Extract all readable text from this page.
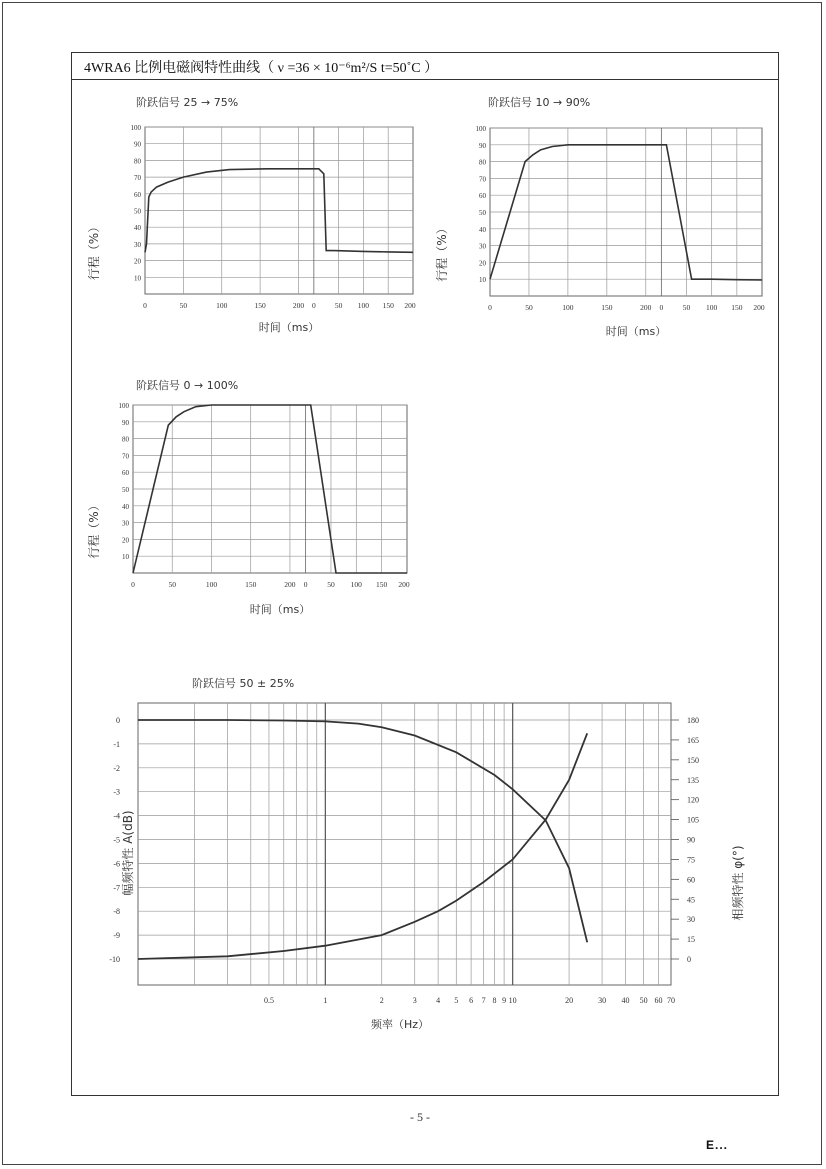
4WRA6 比例电磁阀特性曲线（ ν =36 × 10⁻⁶m²/S t=50˚C ）
阶跃信号 25 → 75%
时间（ms）
行程（%）	10
20
30
40
50
60
70
80
90
100
0	50	100	150	200 0	50 100 150 200
阶跃信号 10 → 90%
时间（ms）
行程（%）	10
20
30
40
50
60
70
80
90
100
0	50	100	150	200 0	50 100 150 200
阶跃信号 0 → 100%
时间（ms）
行程（%）	10
20
30
40
50
60
70
80
90
100
0	50	100	150	200 0	50 100 150 200
阶跃信号 50 ± 25%
频率（Hz）
幅频特性 A(dB)	相频特性 φ(°)
0
-1
-2
-3
-4
-5
-6
-7
-8
-9
-10
180
165
150
135
120
105
90
75
60
45
30
15
0
0.5	1	2	3 4 5 6 7 8 9 10	20	30 40 50 60 70
- 5 -
E...
